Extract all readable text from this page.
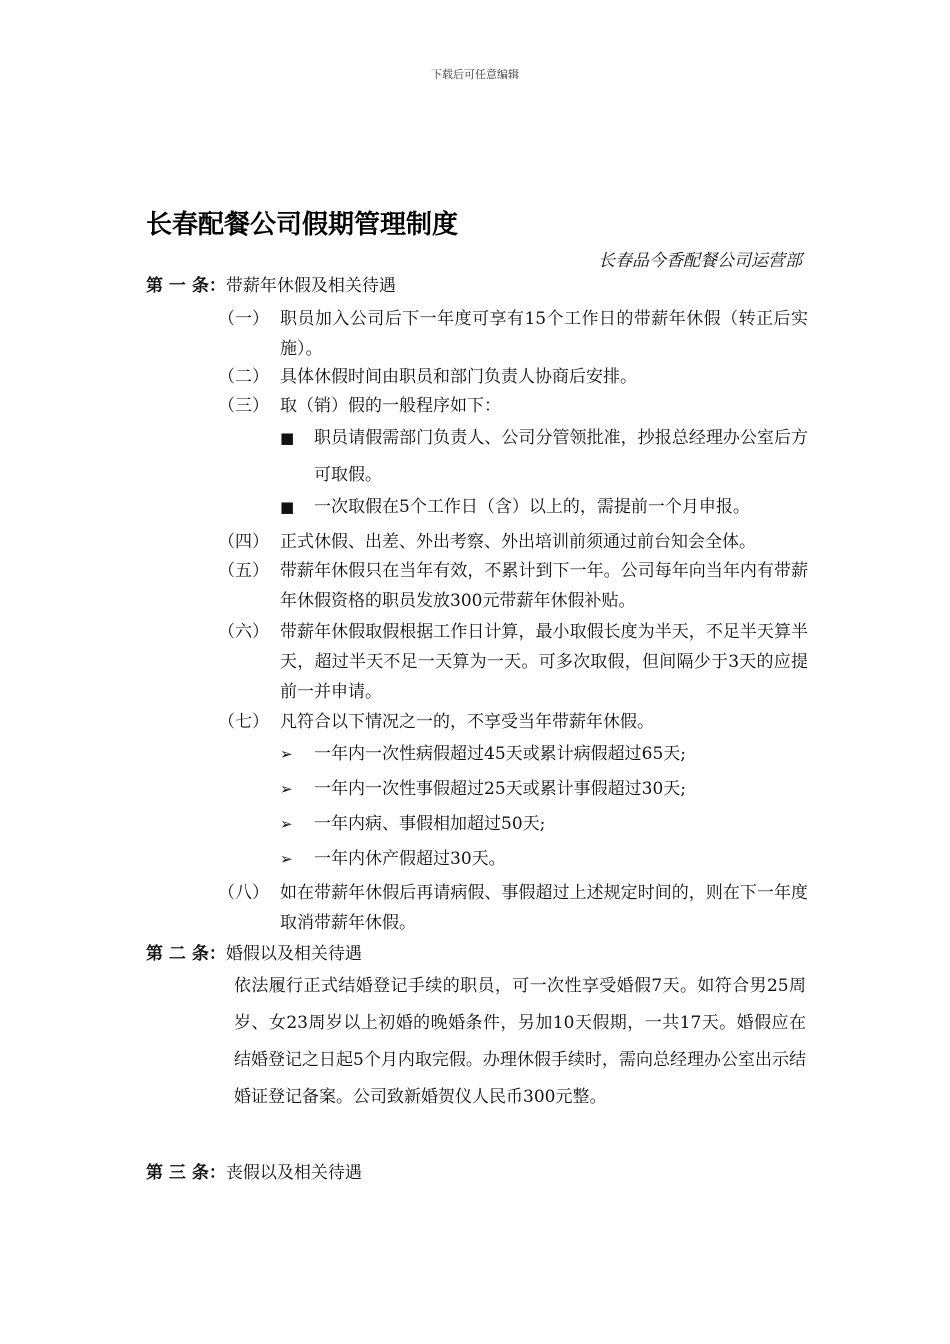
下载后可任意编辑
长春配餐公司假期管理制度
长春品今香配餐公司运营部
第 一 条：带薪年休假及相关待遇
（一） 职员加入公司后下一年度可享有15个工作日的带薪年休假（转正后实施）。
（二） 具体休假时间由职员和部门负责人协商后安排。
（三） 取（销）假的一般程序如下：
■	职员请假需部门负责人、公司分管领批准，抄报总经理办公室后方可取假。
■	一次取假在5个工作日（含）以上的，需提前一个月申报。
（四） 正式休假、出差、外出考察、外出培训前须通过前台知会全体。
（五） 带薪年休假只在当年有效，不累计到下一年。公司每年向当年内有带薪年休假资格的职员发放300元带薪年休假补贴。
（六） 带薪年休假取假根据工作日计算，最小取假长度为半天，不足半天算半天，超过半天不足一天算为一天。可多次取假，但间隔少于3天的应提前一并申请。
（七） 凡符合以下情况之一的，不享受当年带薪年休假。
➢	一年内一次性病假超过45天或累计病假超过65天;
➢	一年内一次性事假超过25天或累计事假超过30天;
➢	一年内病、事假相加超过50天;
➢	一年内休产假超过30天。
（八） 如在带薪年休假后再请病假、事假超过上述规定时间的，则在下一年度取消带薪年休假。
第 二 条：婚假以及相关待遇
依法履行正式结婚登记手续的职员，可一次性享受婚假7天。如符合男25周岁、女23周岁以上初婚的晚婚条件，另加10天假期，一共17天。婚假应在结婚登记之日起5个月内取完假。办理休假手续时，需向总经理办公室出示结婚证登记备案。公司致新婚贺仪人民币300元整。
第 三 条：丧假以及相关待遇
